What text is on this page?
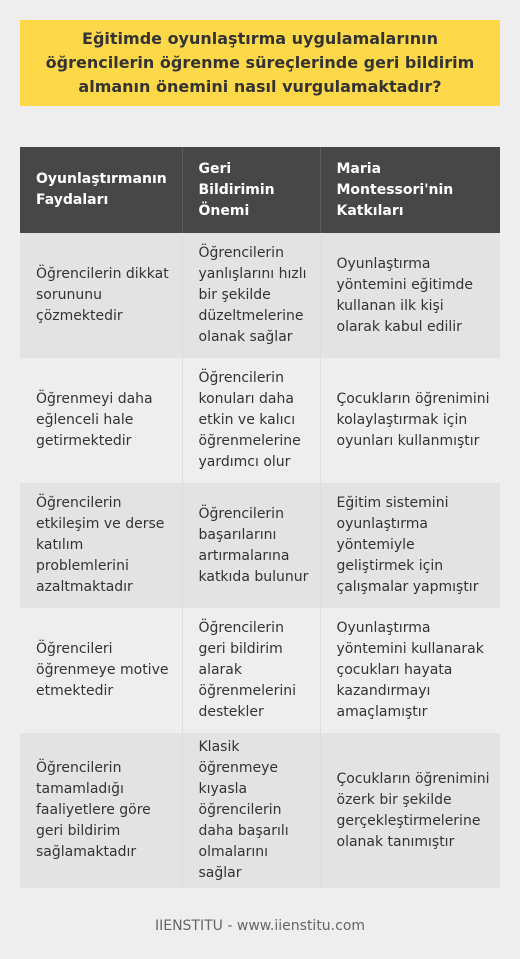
Eğitimde oyunlaştırma uygulamalarının öğrencilerin öğrenme süreçlerinde geri bildirim almanın önemini nasıl vurgulamaktadır?
Oyunlaştırmanın Faydaları	Geri Bildirimin Önemi	Maria Montessori'nin Katkıları
Öğrencilerin dikkat sorununu çözmektedir	Öğrencilerin yanlışlarını hızlı bir şekilde düzeltmelerine olanak sağlar	Oyunlaştırma yöntemini eğitimde kullanan ilk kişi olarak kabul edilir
Öğrenmeyi daha eğlenceli hale getirmektedir	Öğrencilerin konuları daha etkin ve kalıcı öğrenmelerine yardımcı olur	Çocukların öğrenimini kolaylaştırmak için oyunları kullanmıştır
Öğrencilerin etkileşim ve derse katılım problemlerini azaltmaktadır	Öğrencilerin başarılarını artırmalarına katkıda bulunur	Eğitim sistemini oyunlaştırma yöntemiyle geliştirmek için çalışmalar yapmıştır
Öğrencileri öğrenmeye motive etmektedir	Öğrencilerin geri bildirim alarak öğrenmelerini destekler	Oyunlaştırma yöntemini kullanarak çocukları hayata kazandırmayı amaçlamıştır
Öğrencilerin tamamladığı faaliyetlere göre geri bildirim sağlamaktadır	Klasik öğrenmeye kıyasla öğrencilerin daha başarılı olmalarını sağlar	Çocukların öğrenimini özerk bir şekilde gerçekleştirmelerine olanak tanımıştır
IIENSTITU - www.iienstitu.com
